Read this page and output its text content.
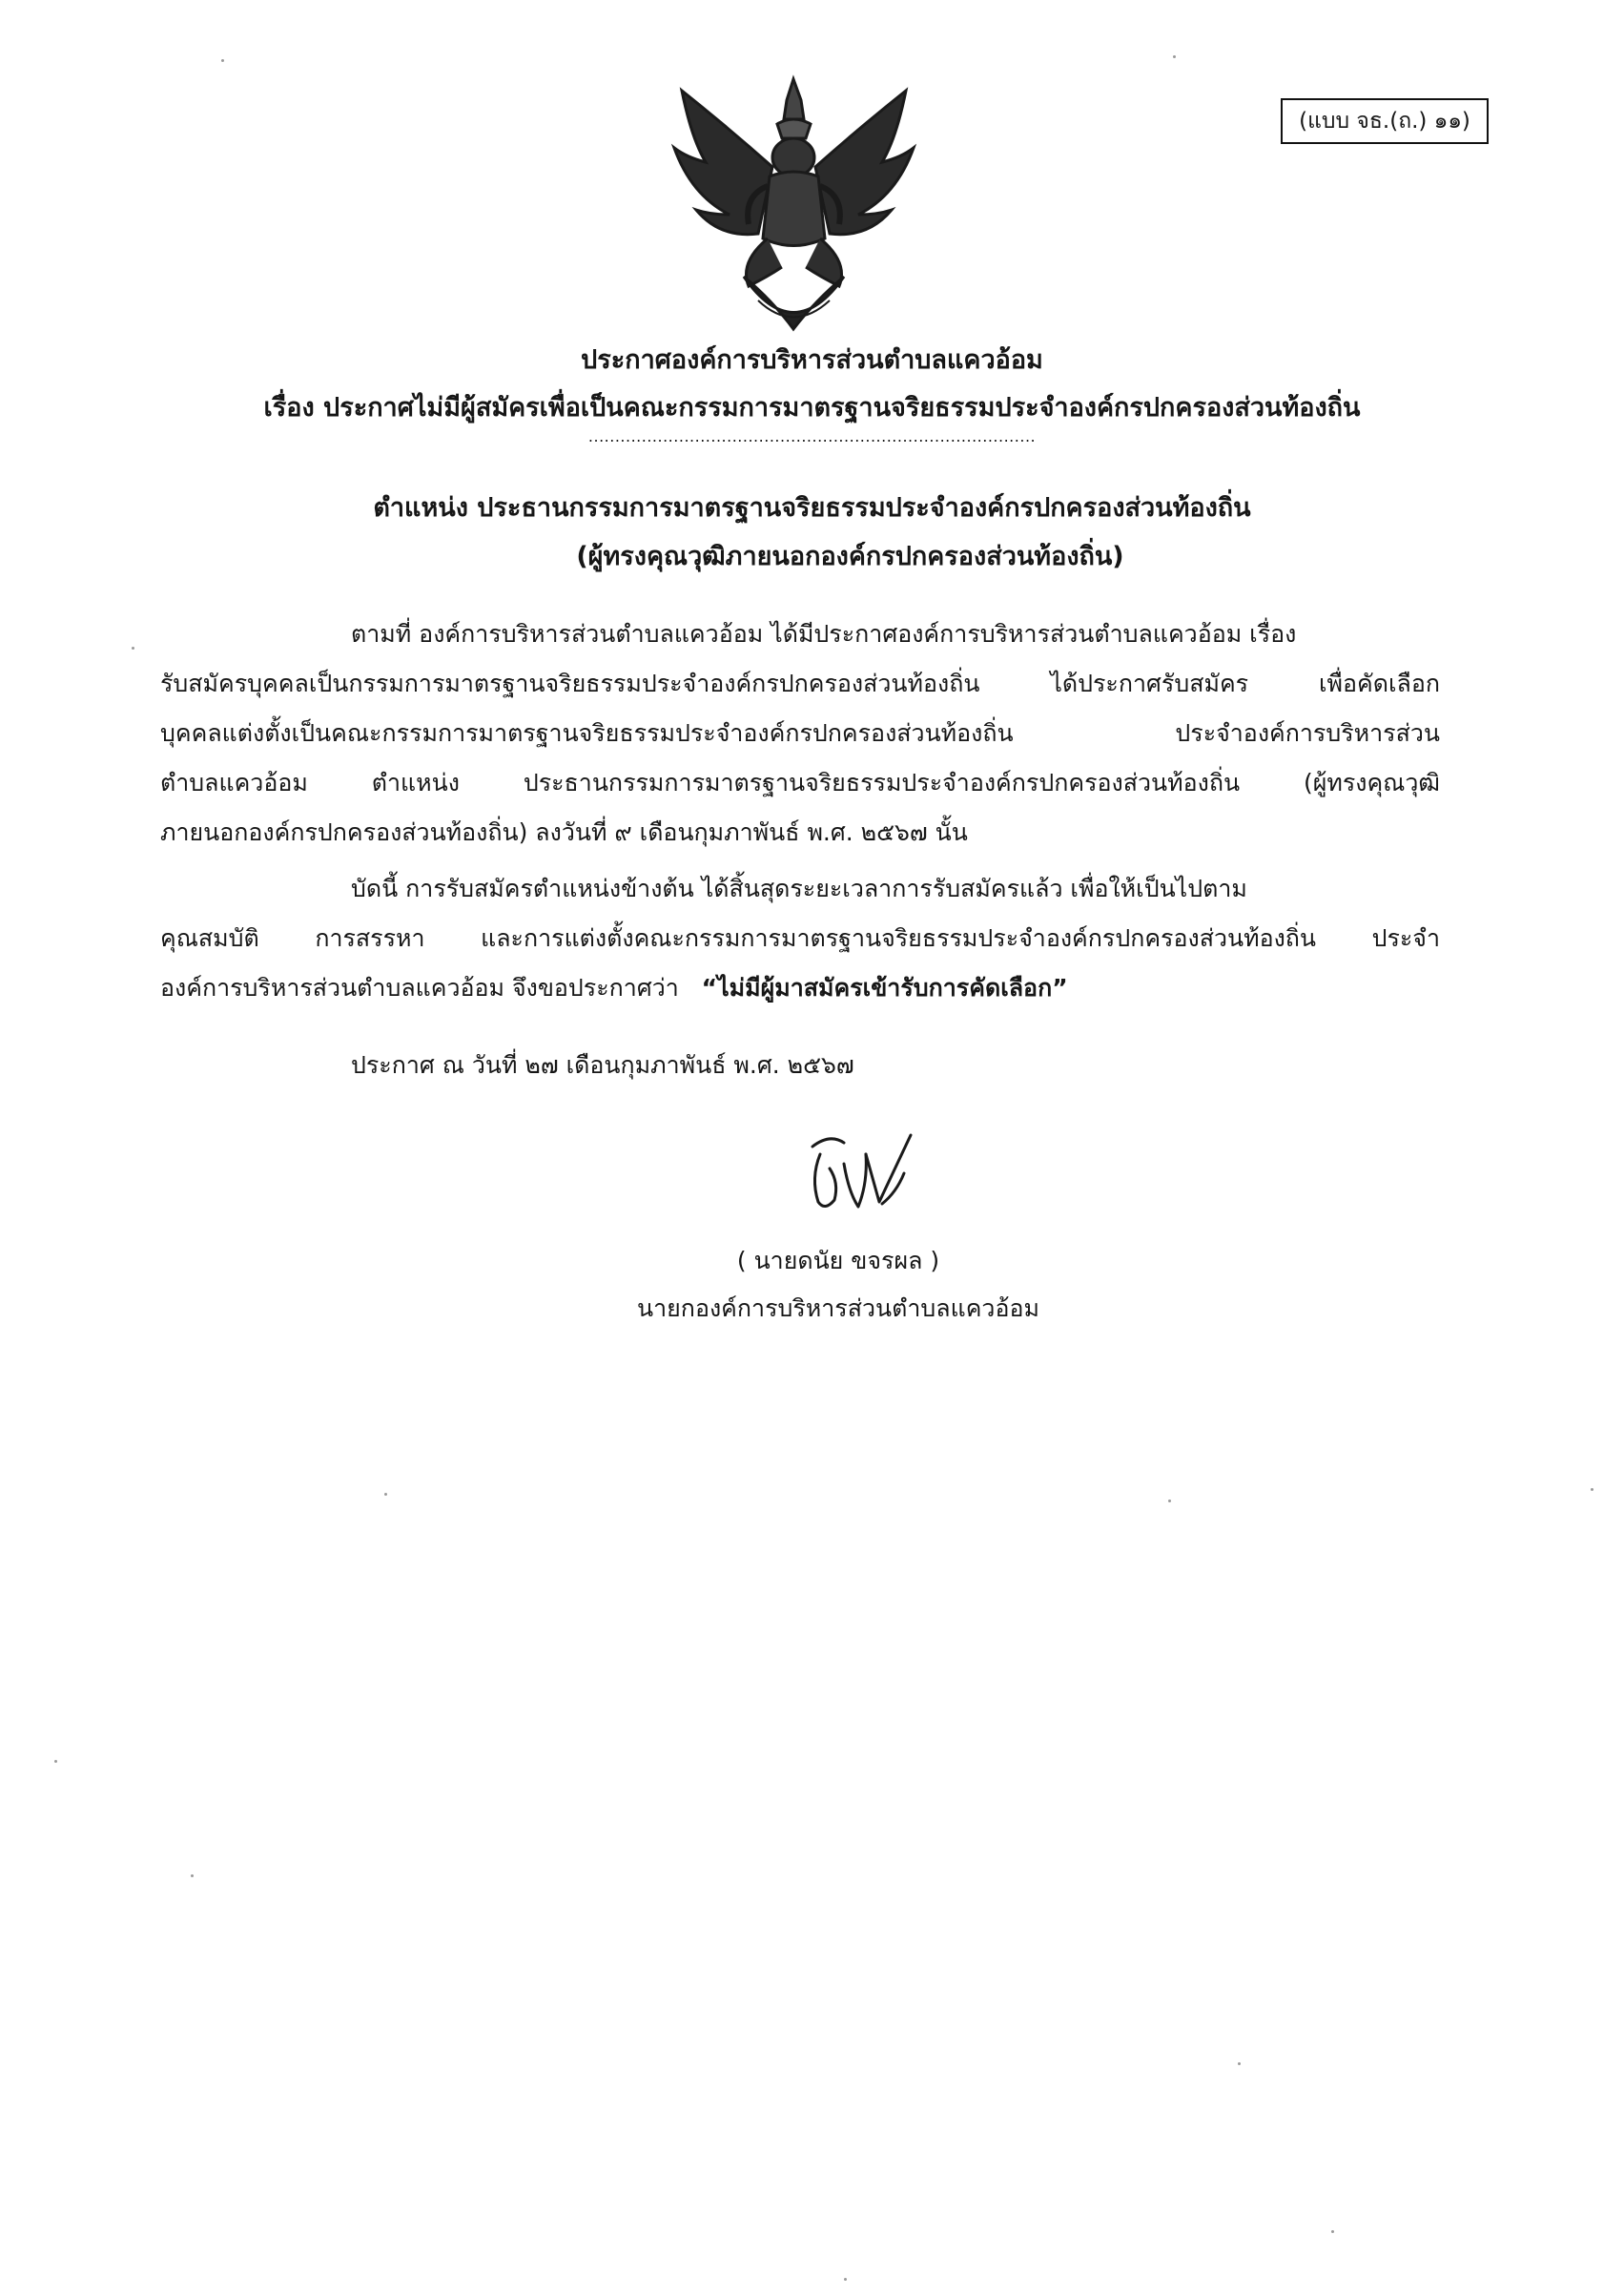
(แบบ จธ.(ถ.) ๑๑)
ประกาศองค์การบริหารส่วนตำบลแควอ้อม
เรื่อง ประกาศไม่มีผู้สมัครเพื่อเป็นคณะกรรมการมาตรฐานจริยธรรมประจำองค์กรปกครองส่วนท้องถิ่น
....................................................................................
ตำแหน่ง ประธานกรรมการมาตรฐานจริยธรรมประจำองค์กรปกครองส่วนท้องถิ่น
(ผู้ทรงคุณวุฒิภายนอกองค์กรปกครองส่วนท้องถิ่น)
ตามที่ องค์การบริหารส่วนตำบลแควอ้อม ได้มีประกาศองค์การบริหารส่วนตำบลแควอ้อม เรื่อง
รับสมัครบุคคลเป็นกรรมการมาตรฐานจริยธรรมประจำองค์กรปกครองส่วนท้องถิ่น ได้ประกาศรับสมัคร เพื่อคัดเลือก
บุคคลแต่งตั้งเป็นคณะกรรมการมาตรฐานจริยธรรมประจำองค์กรปกครองส่วนท้องถิ่น ประจำองค์การบริหารส่วน
ตำบลแควอ้อม ตำแหน่ง ประธานกรรมการมาตรฐานจริยธรรมประจำองค์กรปกครองส่วนท้องถิ่น (ผู้ทรงคุณวุฒิ
ภายนอกองค์กรปกครองส่วนท้องถิ่น) ลงวันที่ ๙ เดือนกุมภาพันธ์ พ.ศ. ๒๕๖๗ นั้น
บัดนี้ การรับสมัครตำแหน่งข้างต้น ได้สิ้นสุดระยะเวลาการรับสมัครแล้ว เพื่อให้เป็นไปตาม
คุณสมบัติ การสรรหา และการแต่งตั้งคณะกรรมการมาตรฐานจริยธรรมประจำองค์กรปกครองส่วนท้องถิ่น ประจำ
องค์การบริหารส่วนตำบลแควอ้อม จึงขอประกาศว่า “ไม่มีผู้มาสมัครเข้ารับการคัดเลือก”
ประกาศ ณ วันที่ ๒๗ เดือนกุมภาพันธ์ พ.ศ. ๒๕๖๗
( นายดนัย ขจรผล )
นายกองค์การบริหารส่วนตำบลแควอ้อม
